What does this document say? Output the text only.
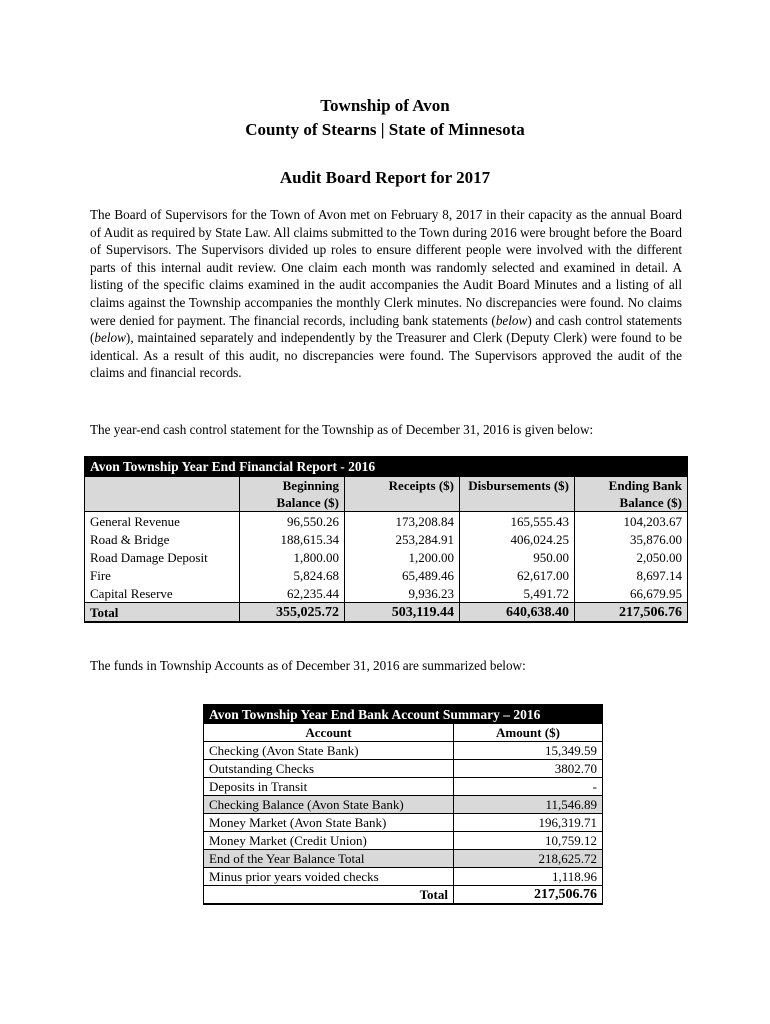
Township of Avon
County of Stearns | State of Minnesota
Audit Board Report for 2017

The Board of Supervisors for the Town of Avon met on February 8, 2017 in their capacity as the annual Board of Audit as required by State Law. All claims submitted to the Town during 2016 were brought before the Board of Supervisors. The Supervisors divided up roles to ensure different people were involved with the different parts of this internal audit review. One claim each month was randomly selected and examined in detail. A listing of the specific claims examined in the audit accompanies the Audit Board Minutes and a listing of all claims against the Township accompanies the monthly Clerk minutes. No discrepancies were found. No claims were denied for payment. The financial records, including bank statements (below) and cash control statements (below), maintained separately and independently by the Treasurer and Clerk (Deputy Clerk) were found to be identical. As a result of this audit, no discrepancies were found. The Supervisors approved the audit of the claims and financial records.

The year-end cash control statement for the Township as of December 31, 2016 is given below:

Avon Township Year End Financial Report - 2016				
	Beginning Balance ($)	Receipts ($)	Disbursements ($)	Ending Bank Balance ($)
General Revenue	96,550.26	173,208.84	165,555.43	104,203.67
Road & Bridge	188,615.34	253,284.91	406,024.25	35,876.00
Road Damage Deposit	1,800.00	1,200.00	950.00	2,050.00
Fire	5,824.68	65,489.46	62,617.00	8,697.14
Capital Reserve	62,235.44	9,936.23	5,491.72	66,679.95
Total	355,025.72	503,119.44	640,638.40	217,506.76

The funds in Township Accounts as of December 31, 2016 are summarized below:

Avon Township Year End Bank Account Summary – 2016	
Account	Amount ($)
Checking (Avon State Bank)	15,349.59
Outstanding Checks	3802.70
Deposits in Transit	-
Checking Balance (Avon State Bank)	11,546.89
Money Market (Avon State Bank)	196,319.71
Money Market (Credit Union)	10,759.12
End of the Year Balance Total	218,625.72
Minus prior years voided checks	1,118.96
Total	217,506.76
